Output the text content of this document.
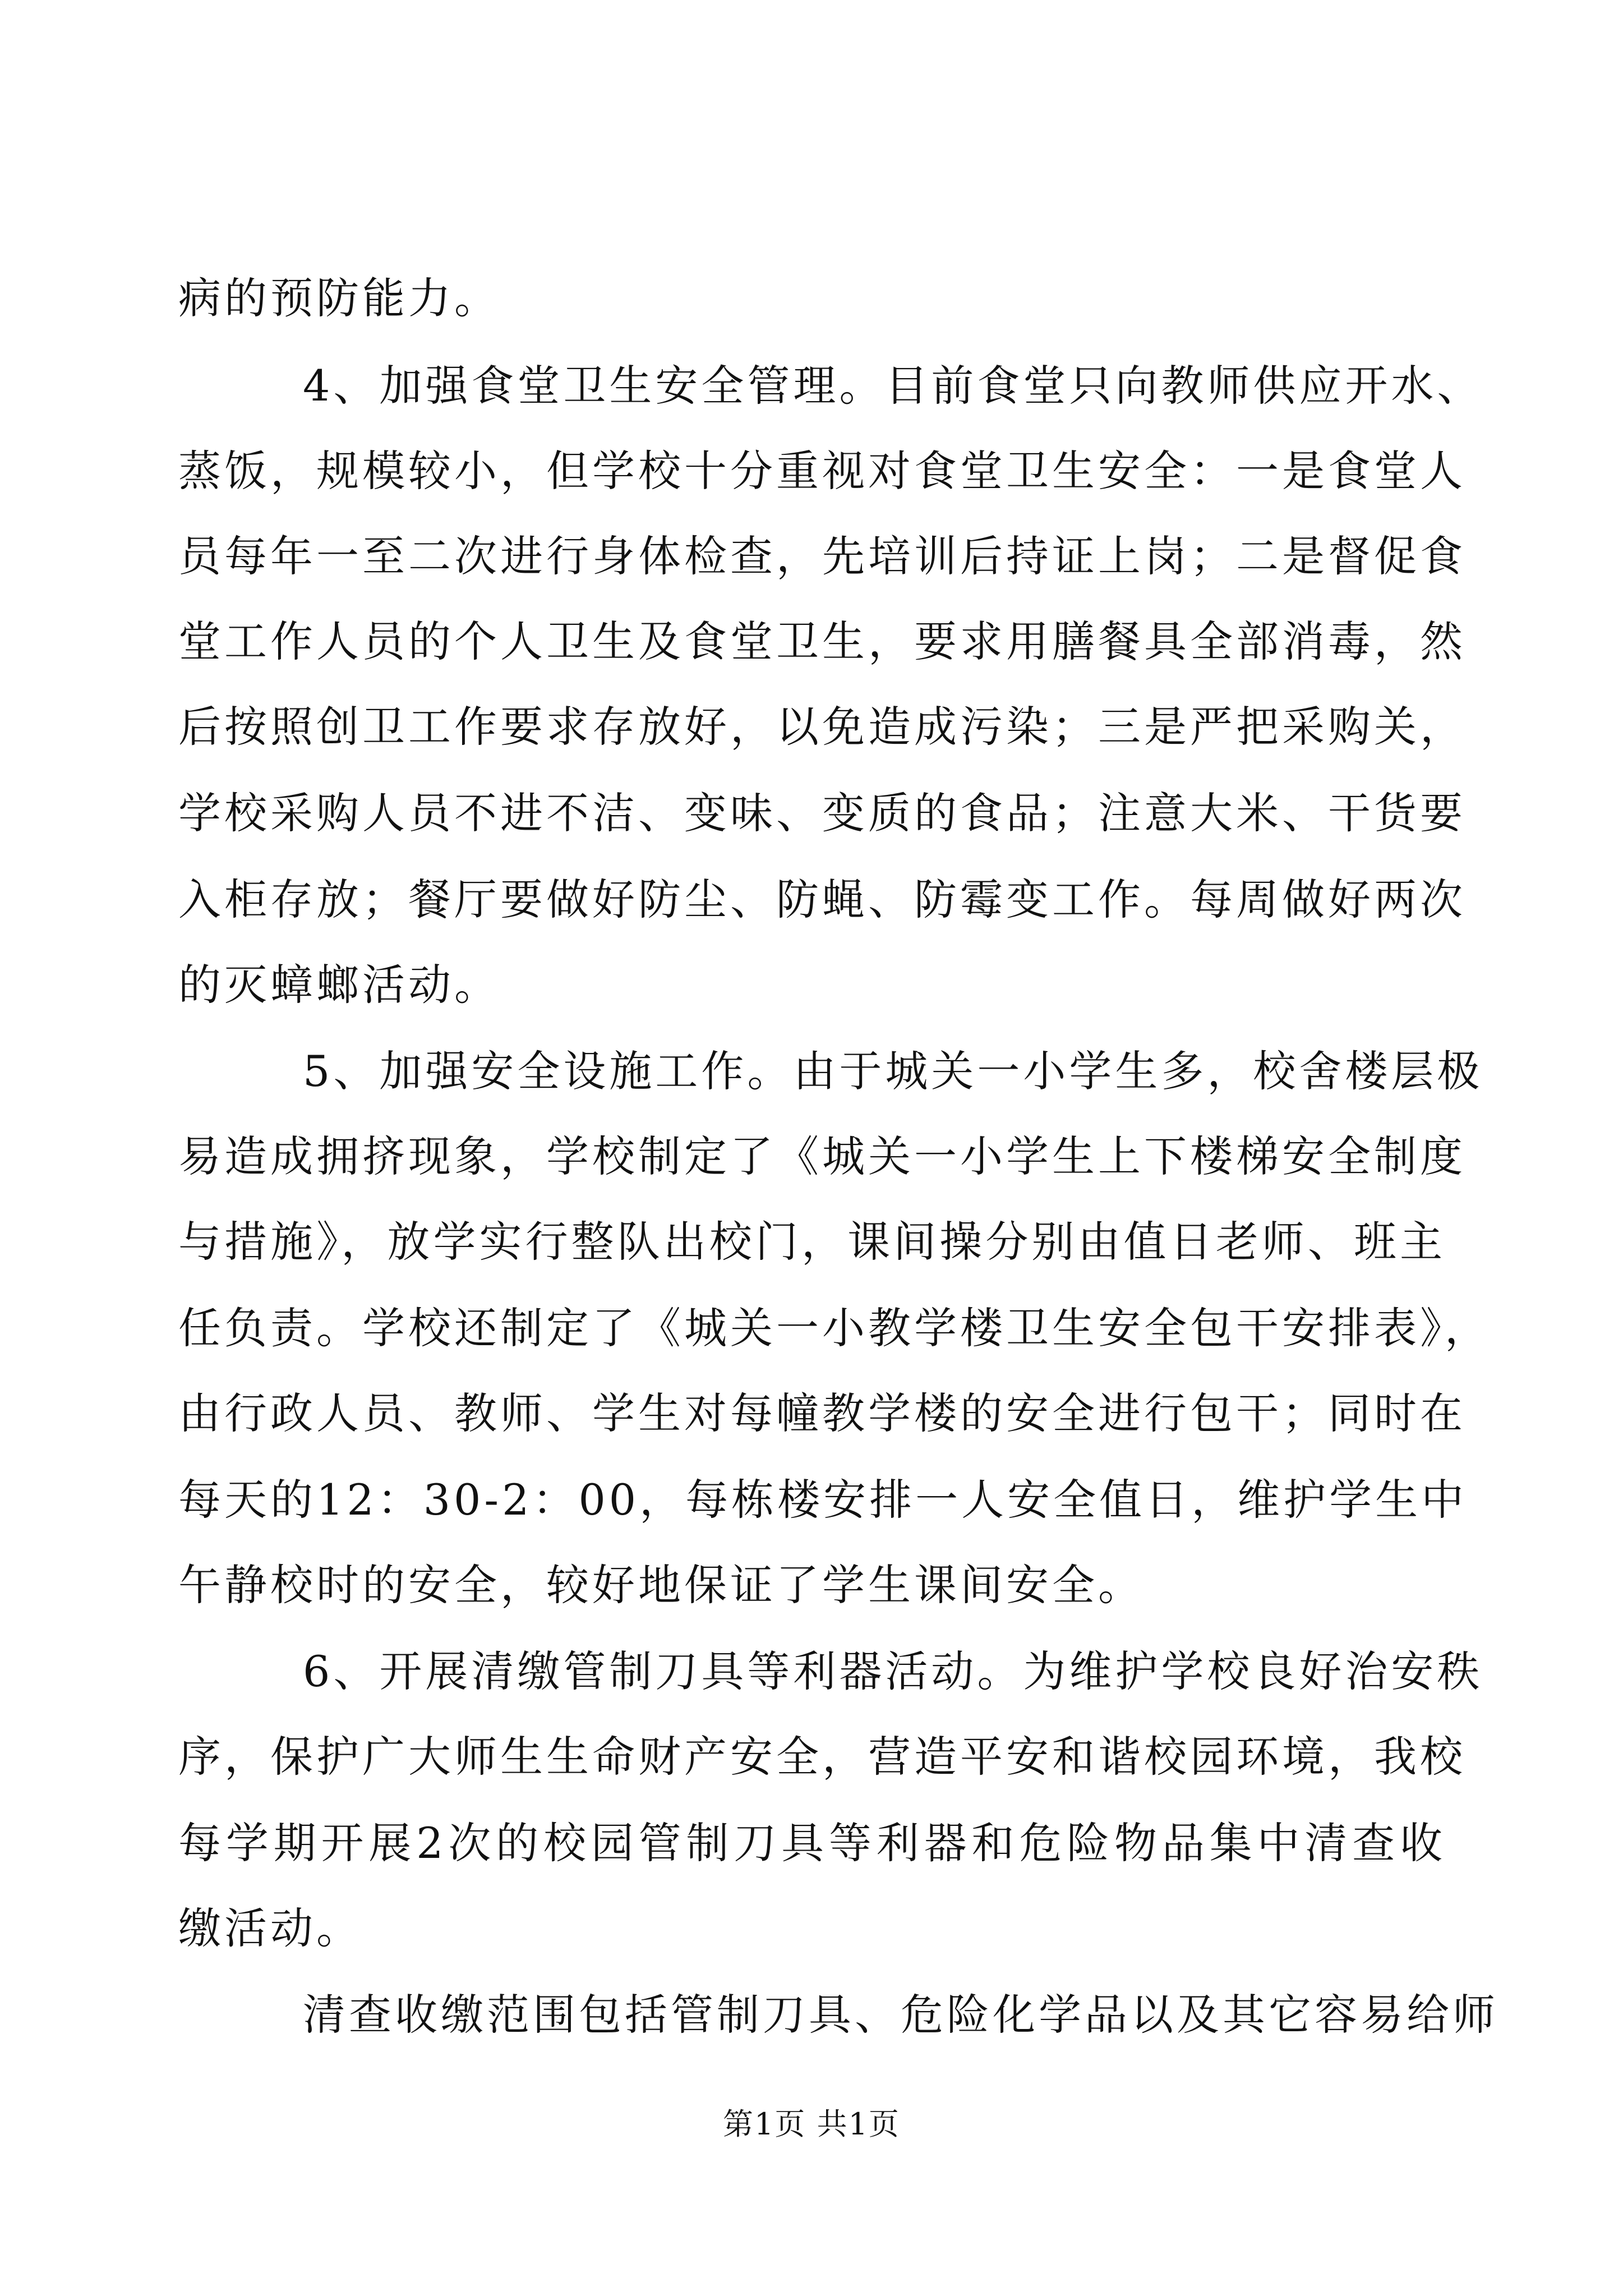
病的预防能力。
4、加强食堂卫生安全管理。目前食堂只向教师供应开水、
蒸饭，规模较小，但学校十分重视对食堂卫生安全：一是食堂人
员每年一至二次进行身体检查，先培训后持证上岗；二是督促食
堂工作人员的个人卫生及食堂卫生，要求用膳餐具全部消毒，然
后按照创卫工作要求存放好，以免造成污染；三是严把采购关，
学校采购人员不进不洁、变味、变质的食品；注意大米、干货要
入柜存放；餐厅要做好防尘、防蝇、防霉变工作。每周做好两次
的灭蟑螂活动。
5、加强安全设施工作。由于城关一小学生多，校舍楼层极
易造成拥挤现象，学校制定了《城关一小学生上下楼梯安全制度
与措施》，放学实行整队出校门，课间操分别由值日老师、班主
任负责。学校还制定了《城关一小教学楼卫生安全包干安排表》，
由行政人员、教师、学生对每幢教学楼的安全进行包干；同时在
每天的12：30-2：00，每栋楼安排一人安全值日，维护学生中
午静校时的安全，较好地保证了学生课间安全。
6、开展清缴管制刀具等利器活动。为维护学校良好治安秩
序，保护广大师生生命财产安全，营造平安和谐校园环境，我校
每学期开展2次的校园管制刀具等利器和危险物品集中清查收
缴活动。
清查收缴范围包括管制刀具、危险化学品以及其它容易给师
第1页 共1页
